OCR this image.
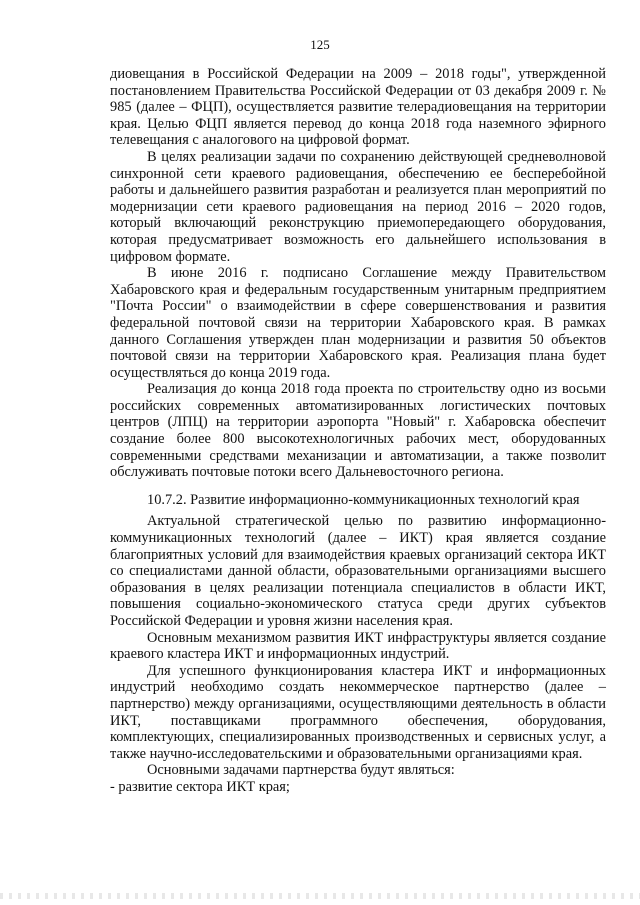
125

диовещания в Российской Федерации на 2009 – 2018 годы", утвержденной постановлением Правительства Российской Федерации от 03 декабря 2009 г. № 985 (далее – ФЦП), осуществляется развитие телерадиовещания на территории края. Целью ФЦП является перевод до конца 2018 года наземного эфирного телевещания с аналогового на цифровой формат.

В целях реализации задачи по сохранению действующей средневолновой синхронной сети краевого радиовещания, обеспечению ее бесперебойной работы и дальнейшего развития разработан и реализуется план мероприятий по модернизации сети краевого радиовещания на период 2016 – 2020 годов, который включающий реконструкцию приемопередающего оборудования, которая предусматривает возможность его дальнейшего использования в цифровом формате.

В июне 2016 г. подписано Соглашение между Правительством Хабаровского края и федеральным государственным унитарным предприятием "Почта России" о взаимодействии в сфере совершенствования и развития федеральной почтовой связи на территории Хабаровского края. В рамках данного Соглашения утвержден план модернизации и развития 50 объектов почтовой связи на территории Хабаровского края. Реализация плана будет осуществляться до конца 2019 года.

Реализация до конца 2018 года проекта по строительству одно из восьми российских современных автоматизированных логистических почтовых центров (ЛПЦ) на территории аэропорта "Новый" г. Хабаровска обеспечит создание более 800 высокотехнологичных рабочих мест, оборудованных современными средствами механизации и автоматизации, а также позволит обслуживать почтовые потоки всего Дальневосточного региона.

10.7.2. Развитие информационно-коммуникационных технологий края

Актуальной стратегической целью по развитию информационно-коммуникационных технологий (далее – ИКТ) края является создание благоприятных условий для взаимодействия краевых организаций сектора ИКТ со специалистами данной области, образовательными организациями высшего образования в целях реализации потенциала специалистов в области ИКТ, повышения социально-экономического статуса среди других субъектов Российской Федерации и уровня жизни населения края.

Основным механизмом развития ИКТ инфраструктуры является создание краевого кластера ИКТ и информационных индустрий.

Для успешного функционирования кластера ИКТ и информационных индустрий необходимо создать некоммерческое партнерство (далее – партнерство) между организациями, осуществляющими деятельность в области ИКТ, поставщиками программного обеспечения, оборудования, комплектующих, специализированных производственных и сервисных услуг, а также научно-исследовательскими и образовательными организациями края.

Основными задачами партнерства будут являться:

- развитие сектора ИКТ края;
